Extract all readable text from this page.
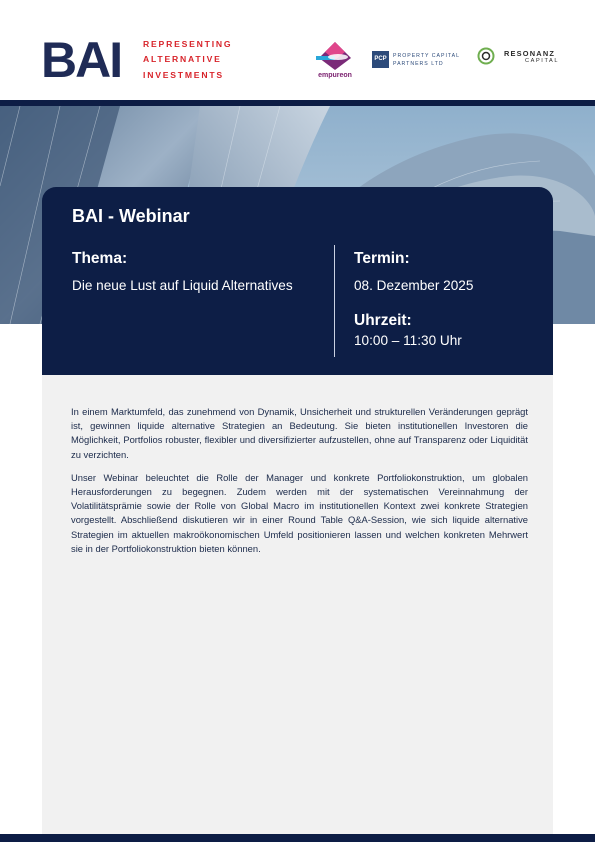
BAI	REPRESENTING
ALTERNATIVE
INVESTMENTS	empureon
PCP	PROPERTY CAPITAL
PARTNERS LTD
RESONANZ
CAPITAL
BAI - Webinar
Thema:
Die neue Lust auf Liquid Alternatives
Termin:
08. Dezember 2025
Uhrzeit:
10:00 – 11:30 Uhr

In einem Marktumfeld, das zunehmend von Dynamik, Unsicherheit und strukturellen Veränderungen geprägt ist, gewinnen liquide alternative Strategien an Bedeutung. Sie bieten institutionellen Investoren die Möglichkeit, Portfolios robuster, flexibler und diversifizierter aufzustellen, ohne auf Transparenz oder Liquidität zu verzichten.

Unser Webinar beleuchtet die Rolle der Manager und konkrete Portfoliokonstruktion, um globalen Herausforderungen zu begegnen. Zudem werden mit der systematischen Vereinnahmung der Volatilitätsprämie sowie der Rolle von Global Macro im institutionellen Kontext zwei konkrete Strategien vorgestellt. Abschließend diskutieren wir in einer Round Table Q&A-Session, wie sich liquide alternative Strategien im aktuellen makroökonomischen Umfeld positionieren lassen und welchen konkreten Mehrwert sie in der Portfoliokonstruktion bieten können.
